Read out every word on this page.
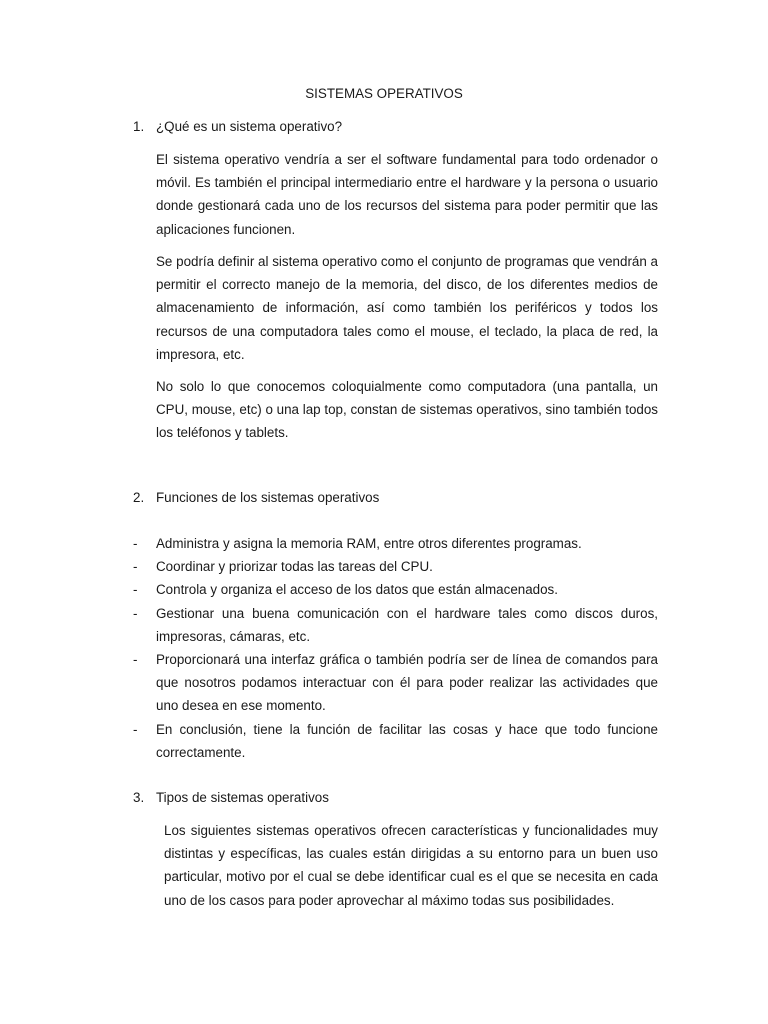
SISTEMAS OPERATIVOS
1. ¿Qué es un sistema operativo?

El sistema operativo vendría a ser el software fundamental para todo ordenador o móvil. Es también el principal intermediario entre el hardware y la persona o usuario donde gestionará cada uno de los recursos del sistema para poder permitir que las aplicaciones funcionen.

Se podría definir al sistema operativo como el conjunto de programas que vendrán a permitir el correcto manejo de la memoria, del disco, de los diferentes medios de almacenamiento de información, así como también los periféricos y todos los recursos de una computadora tales como el mouse, el teclado, la placa de red, la impresora, etc.

No solo lo que conocemos coloquialmente como computadora (una pantalla, un CPU, mouse, etc) o una lap top, constan de sistemas operativos, sino también todos los teléfonos y tablets.

2. Funciones de los sistemas operativos
- Administra y asigna la memoria RAM, entre otros diferentes programas.
- Coordinar y priorizar todas las tareas del CPU.
- Controla y organiza el acceso de los datos que están almacenados.
- Gestionar una buena comunicación con el hardware tales como discos duros, impresoras, cámaras, etc.
- Proporcionará una interfaz gráfica o también podría ser de línea de comandos para que nosotros podamos interactuar con él para poder realizar las actividades que uno desea en ese momento.
- En conclusión, tiene la función de facilitar las cosas y hace que todo funcione correctamente.
3. Tipos de sistemas operativos

Los siguientes sistemas operativos ofrecen características y funcionalidades muy distintas y específicas, las cuales están dirigidas a su entorno para un buen uso particular, motivo por el cual se debe identificar cual es el que se necesita en cada uno de los casos para poder aprovechar al máximo todas sus posibilidades.
